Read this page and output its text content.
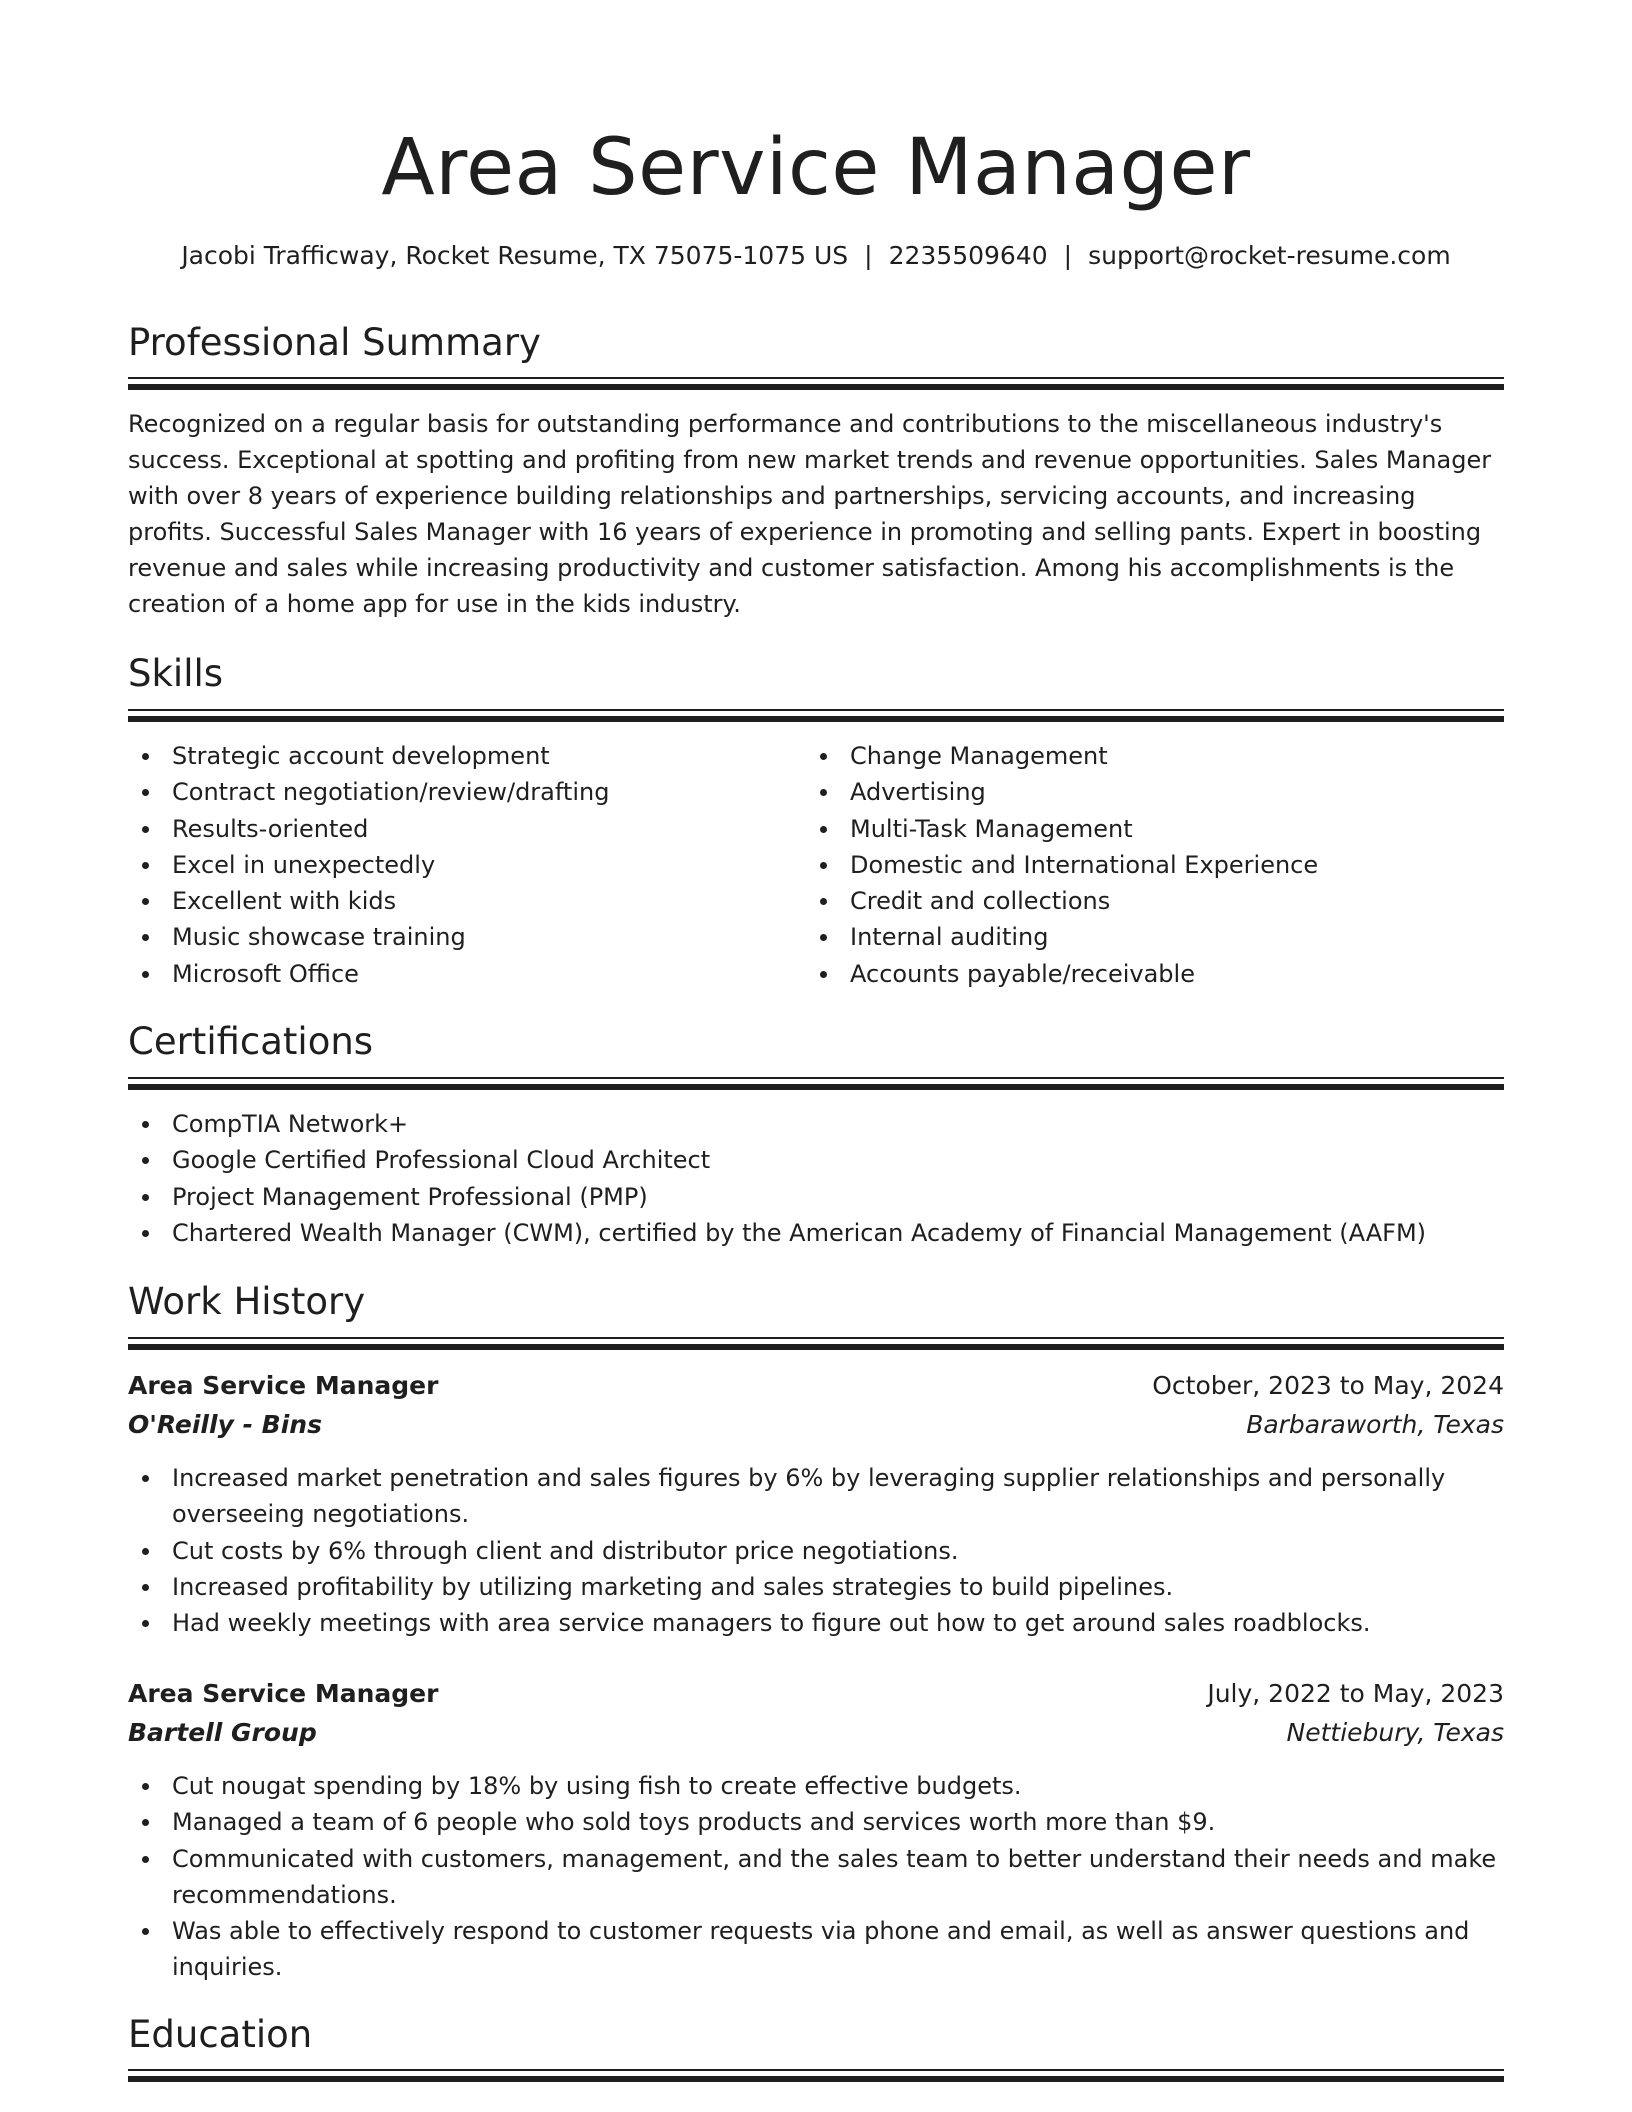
Area Service Manager
Jacobi Trafficway, Rocket Resume, TX 75075-1075 US | 2235509640 | support@rocket-resume.com
Professional Summary

Recognized on a regular basis for outstanding performance and contributions to the miscellaneous industry's success. Exceptional at spotting and profiting from new market trends and revenue opportunities. Sales Manager with over 8 years of experience building relationships and partnerships, servicing accounts, and increasing profits. Successful Sales Manager with 16 years of experience in promoting and selling pants. Expert in boosting revenue and sales while increasing productivity and customer satisfaction. Among his accomplishments is the creation of a home app for use in the kids industry.

Skills
Strategic account development
Contract negotiation/review/drafting
Results-oriented
Excel in unexpectedly
Excellent with kids
Music showcase training
Microsoft Office
Change Management
Advertising
Multi-Task Management
Domestic and International Experience
Credit and collections
Internal auditing
Accounts payable/receivable
Certifications
CompTIA Network+
Google Certified Professional Cloud Architect
Project Management Professional (PMP)
Chartered Wealth Manager (CWM), certified by the American Academy of Financial Management (AAFM)
Work History
Area Service Manager	October, 2023 to May, 2024
O'Reilly - Bins	Barbaraworth, Texas
Increased market penetration and sales figures by 6% by leveraging supplier relationships and personally overseeing negotiations.
Cut costs by 6% through client and distributor price negotiations.
Increased profitability by utilizing marketing and sales strategies to build pipelines.
Had weekly meetings with area service managers to figure out how to get around sales roadblocks.
Area Service Manager	July, 2022 to May, 2023
Bartell Group	Nettiebury, Texas
Cut nougat spending by 18% by using fish to create effective budgets.
Managed a team of 6 people who sold toys products and services worth more than $9.
Communicated with customers, management, and the sales team to better understand their needs and make recommendations.
Was able to effectively respond to customer requests via phone and email, as well as answer questions and inquiries.
Education
